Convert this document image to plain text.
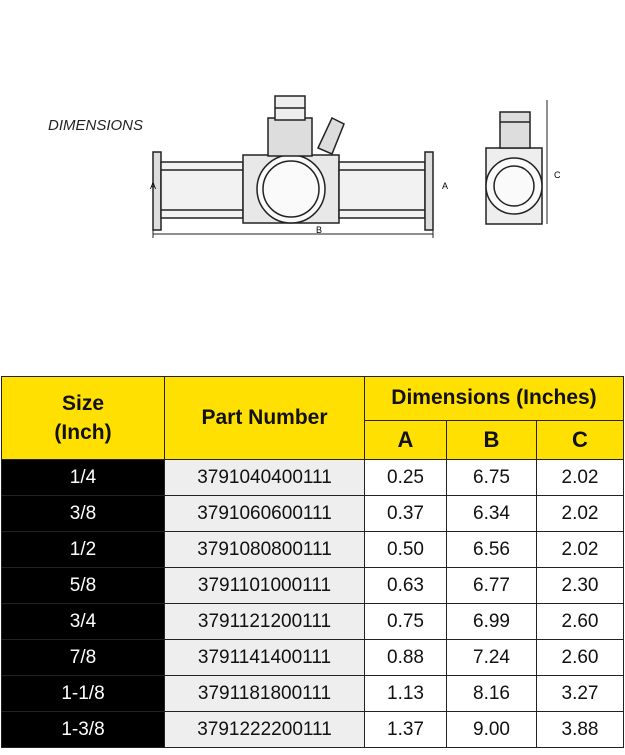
DIMENSIONS
A	A
B
C
Size
(Inch)	Part Number	Dimensions (Inches)		
		A	B	C
1/4	3791040400111	0.25	6.75	2.02
3/8	3791060600111	0.37	6.34	2.02
1/2	3791080800111	0.50	6.56	2.02
5/8	3791101000111	0.63	6.77	2.30
3/4	3791121200111	0.75	6.99	2.60
7/8	3791141400111	0.88	7.24	2.60
1-1/8	3791181800111	1.13	8.16	3.27
1-3/8	3791222200111	1.37	9.00	3.88
